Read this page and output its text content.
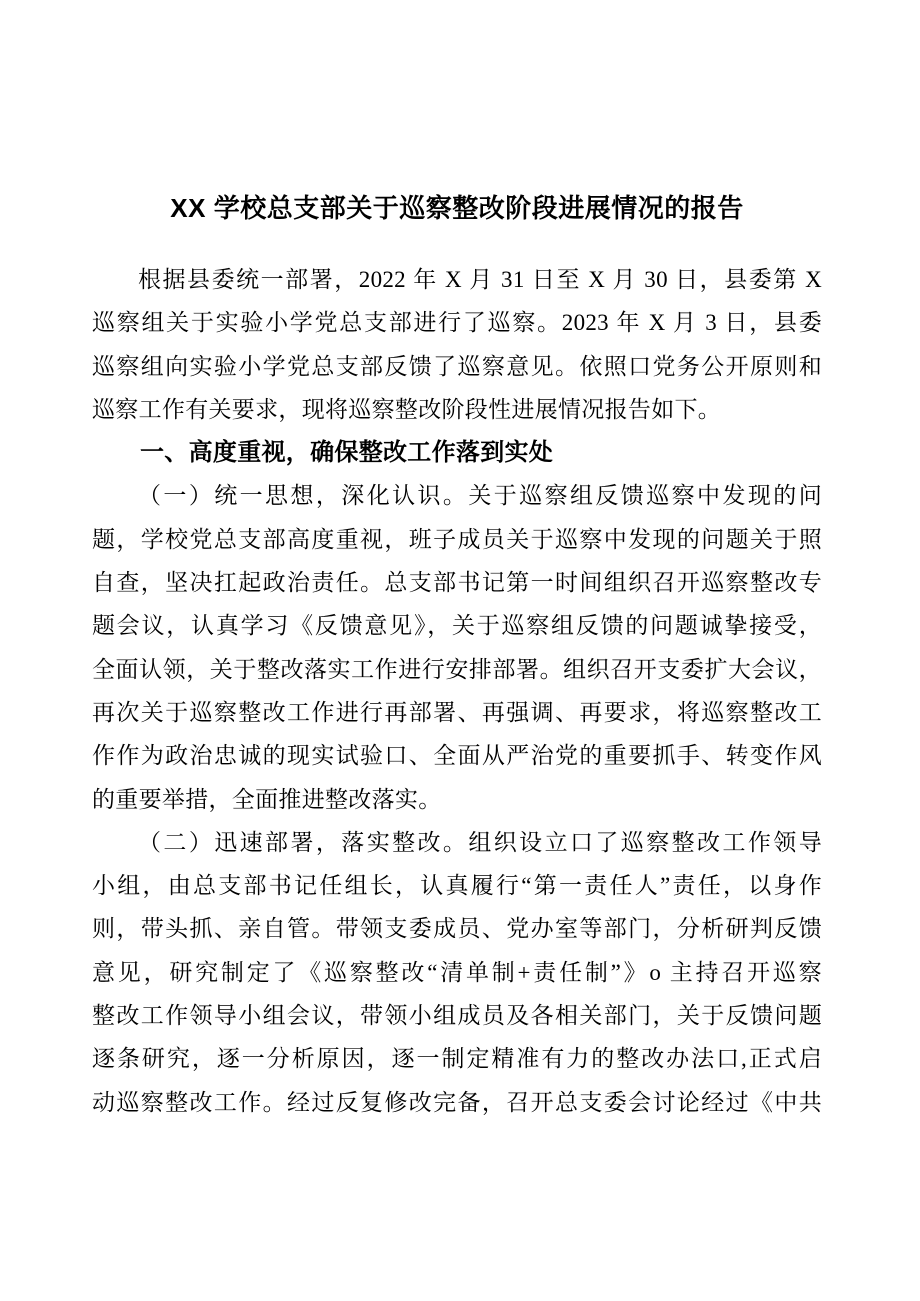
XX 学校总支部关于巡察整改阶段进展情况的报告
根据县委统一部署，2022 年 X 月 31 日至 X 月 30 日，县委第 X
巡察组关于实验小学党总支部进行了巡察。2023 年 X 月 3 日，县委
巡察组向实验小学党总支部反馈了巡察意见。依照口党务公开原则和
巡察工作有关要求，现将巡察整改阶段性进展情况报告如下。
一、高度重视，确保整改工作落到实处
（一）统一思想，深化认识。关于巡察组反馈巡察中发现的问
题，学校党总支部高度重视，班子成员关于巡察中发现的问题关于照
自查，坚决扛起政治责任。总支部书记第一时间组织召开巡察整改专
题会议，认真学习《反馈意见》，关于巡察组反馈的问题诚挚接受，
全面认领，关于整改落实工作进行安排部署。组织召开支委扩大会议，
再次关于巡察整改工作进行再部署、再强调、再要求，将巡察整改工
作作为政治忠诚的现实试验口、全面从严治党的重要抓手、转变作风
的重要举措，全面推进整改落实。
（二）迅速部署，落实整改。组织设立口了巡察整改工作领导
小组，由总支部书记任组长，认真履行“第一责任人”责任，以身作
则，带头抓、亲自管。带领支委成员、党办室等部门，分析研判反馈
意见，研究制定了《巡察整改“清单制+责任制”》o 主持召开巡察
整改工作领导小组会议，带领小组成员及各相关部门，关于反馈问题
逐条研究，逐一分析原因，逐一制定精准有力的整改办法口,正式启
动巡察整改工作。经过反复修改完备，召开总支委会讨论经过《中共
